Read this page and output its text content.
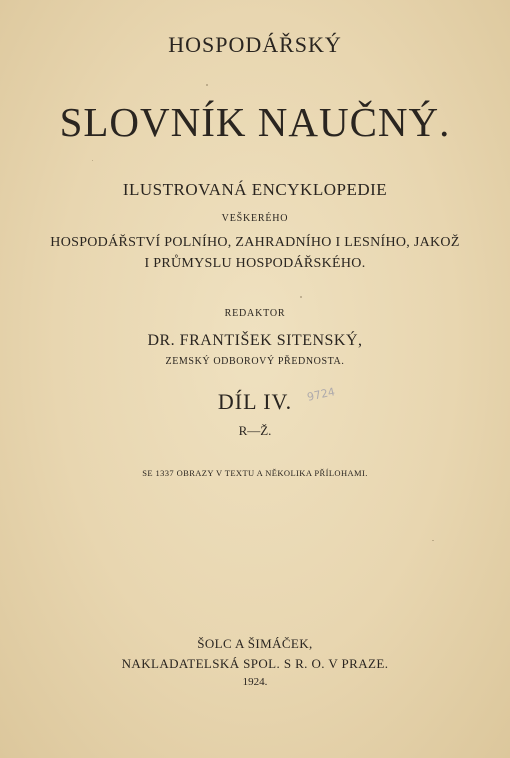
HOSPODÁŘSKÝ
SLOVNÍK NAUČNÝ.
ILUSTROVANÁ ENCYKLOPEDIE
VEŠKERÉHO
HOSPODÁŘSTVÍ POLNÍHO, ZAHRADNÍHO I LESNÍHO, JAKOŽ
I PRŮMYSLU HOSPODÁŘSKÉHO.
REDAKTOR
DR. FRANTIŠEK SITENSKÝ,
ZEMSKÝ ODBOROVÝ PŘEDNOSTA.
DÍL IV.	9724
R—Ž.
SE 1337 OBRAZY V TEXTU A NĚKOLIKA PŘÍLOHAMI.
ŠOLC A ŠIMÁČEK,
NAKLADATELSKÁ SPOL. S R. O. V PRAZE.
1924.
